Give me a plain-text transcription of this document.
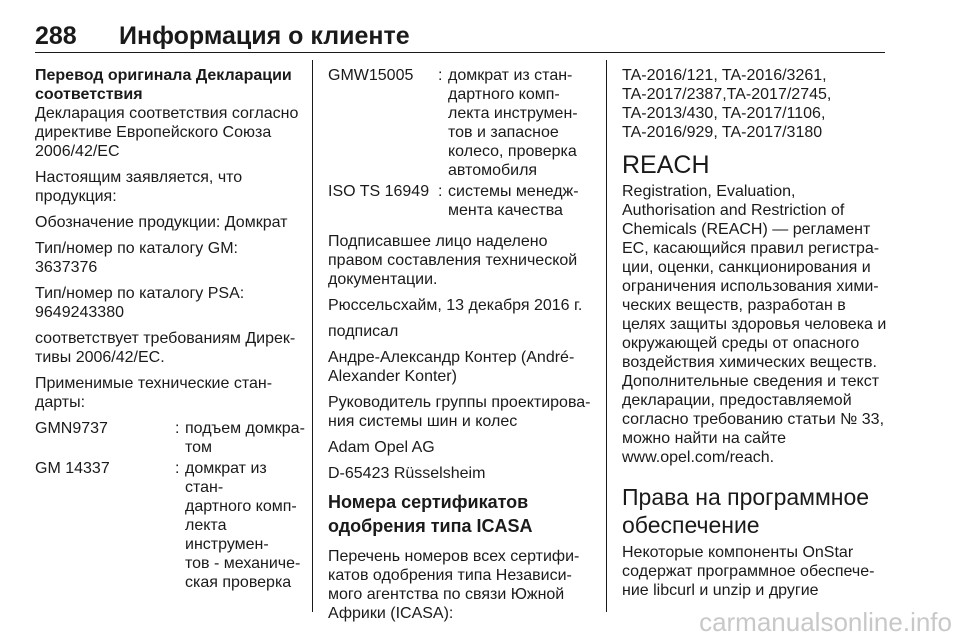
288 Информация о клиенте
Перевод оригинала Декларации
соответствия

Декларация соответствия согласно
директиве Европейского Союза
2006/42/EC

Настоящим заявляется, что
продукция:

Обозначение продукции: Домкрат

Тип/номер по каталогу GM:
3637376

Тип/номер по каталогу PSA:
9649243380

соответствует требованиям Дирек-
тивы 2006/42/EC.

Применимые технические стан-
дарты:

GMN9737	: подъем домкра-
том
GM 14337	: домкрат из стан-
дартного комп-
лекта инструмен-
тов - механиче-
ская проверка
GMW15005	: домкрат из стан-
дартного комп-
лекта инструмен-
тов и запасное
колесо, проверка
автомобиля
ISO TS 16949 : системы менедж-
мента качества

Подписавшее лицо наделено
правом составления технической
документации.

Рюссельсхайм, 13 декабря 2016 г.

подписал

Андре-Александр Контер (André-
Alexander Konter)

Руководитель группы проектирова-
ния системы шин и колес

Adam Opel AG

D-65423 Rüsselsheim

Номера сертификатов
одобрения типа ICASA

Перечень номеров всех сертифи-
катов одобрения типа Независи-
мого агентства по связи Южной
Африки (ICASA):

TA-2016/121, TA-2016/3261,
TA-2017/2387,TA-2017/2745,
TA-2013/430, TA-2017/1106,
TA-2016/929, TA-2017/3180

REACH

Registration, Evaluation,
Authorisation and Restriction of
Chemicals (REACH) — регламент
ЕС, касающийся правил регистра-
ции, оценки, санкционирования и
ограничения использования хими-
ческих веществ, разработан в
целях защиты здоровья человека и
окружающей среды от опасного
воздействия химических веществ.
Дополнительные сведения и текст
декларации, предоставляемой
согласно требованию статьи № 33,
можно найти на сайте
www.opel.com/reach.

Права на программное
обеспечение

Некоторые компоненты OnStar
содержат программное обеспече-
ние libcurl и unzip и другие

carmanualsonline.info
